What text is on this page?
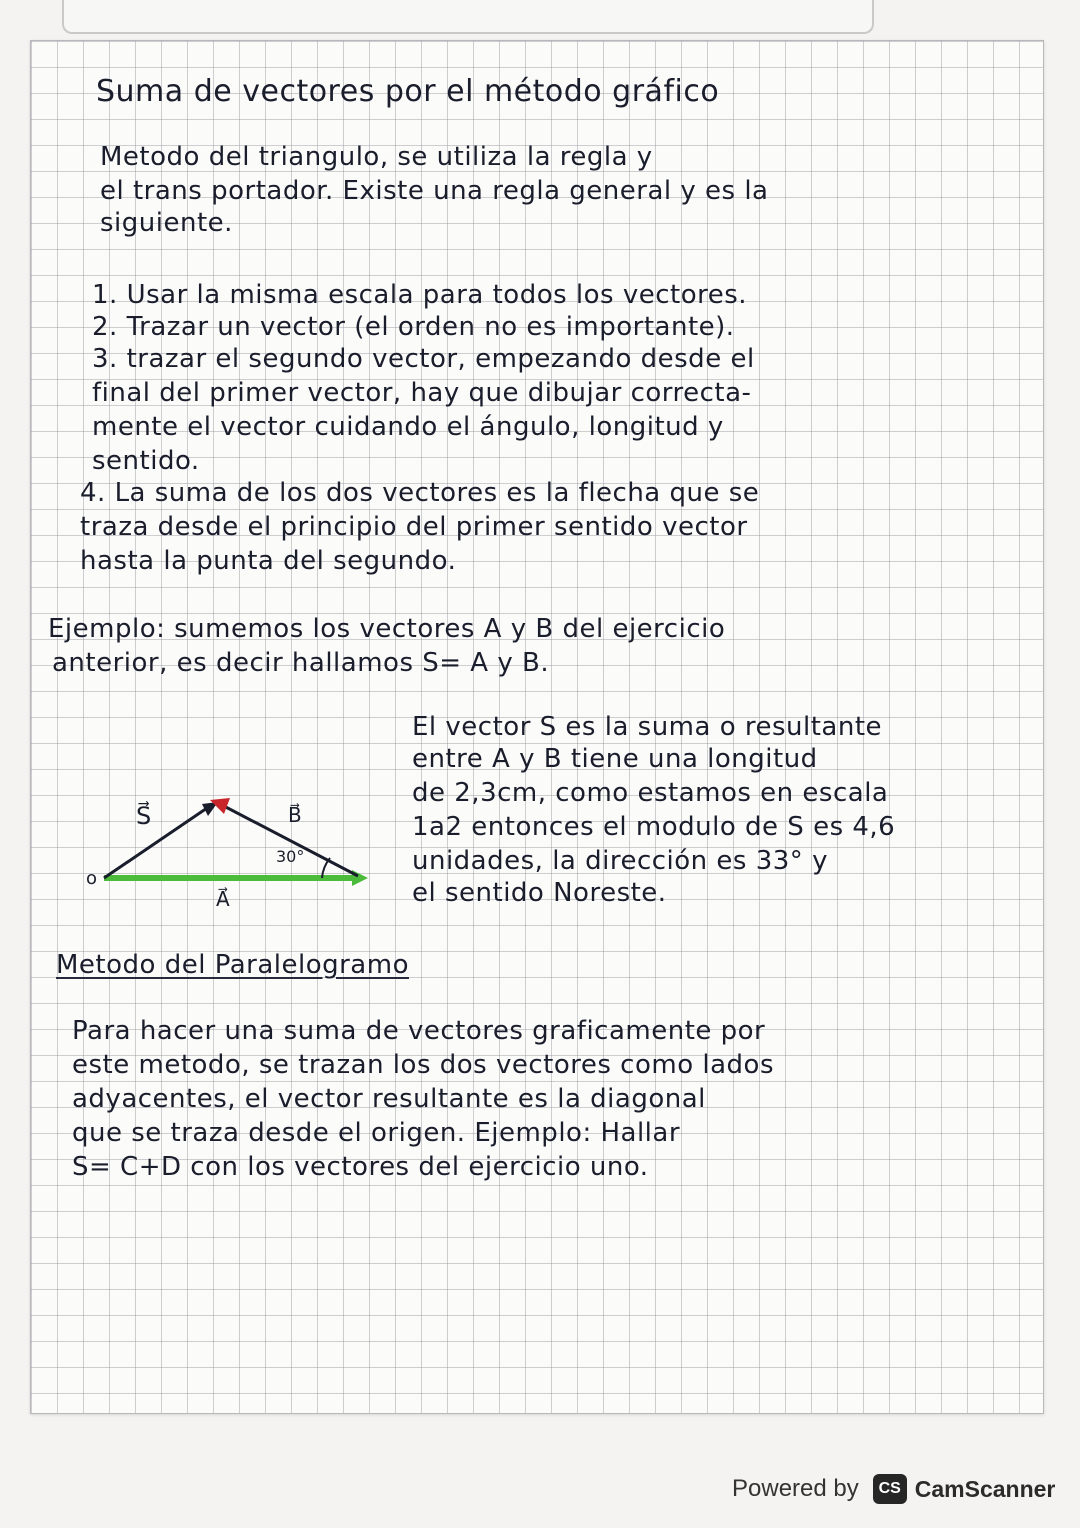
Suma de vectores por el método gráfico

Metodo del triangulo, se utiliza la regla y

el trans portador. Existe una regla general y es la

siguiente.

1. Usar la misma escala para todos los vectores.

2. Trazar un vector (el orden no es importante).

3. trazar el segundo vector, empezando desde el

final del primer vector, hay que dibujar correcta-

mente el vector cuidando el ángulo, longitud y

sentido.

4. La suma de los dos vectores es la flecha que se

traza desde el principio del primer sentido vector

hasta la punta del segundo.

Ejemplo: sumemos los vectores A y B del ejercicio

anterior, es decir hallamos S= A y B.

S⃗	B⃗
A⃗
o
30°

El vector S es la suma o resultante

entre A y B tiene una longitud

de 2,3cm, como estamos en escala

1a2 entonces el modulo de S es 4,6

unidades, la dirección es 33° y

el sentido Noreste.

Metodo del Paralelogramo

Para hacer una suma de vectores graficamente por

este metodo, se trazan los dos vectores como lados

adyacentes, el vector resultante es la diagonal

que se traza desde el origen. Ejemplo: Hallar

S= C+D con los vectores del ejercicio uno.

Powered by	CS CamScanner
